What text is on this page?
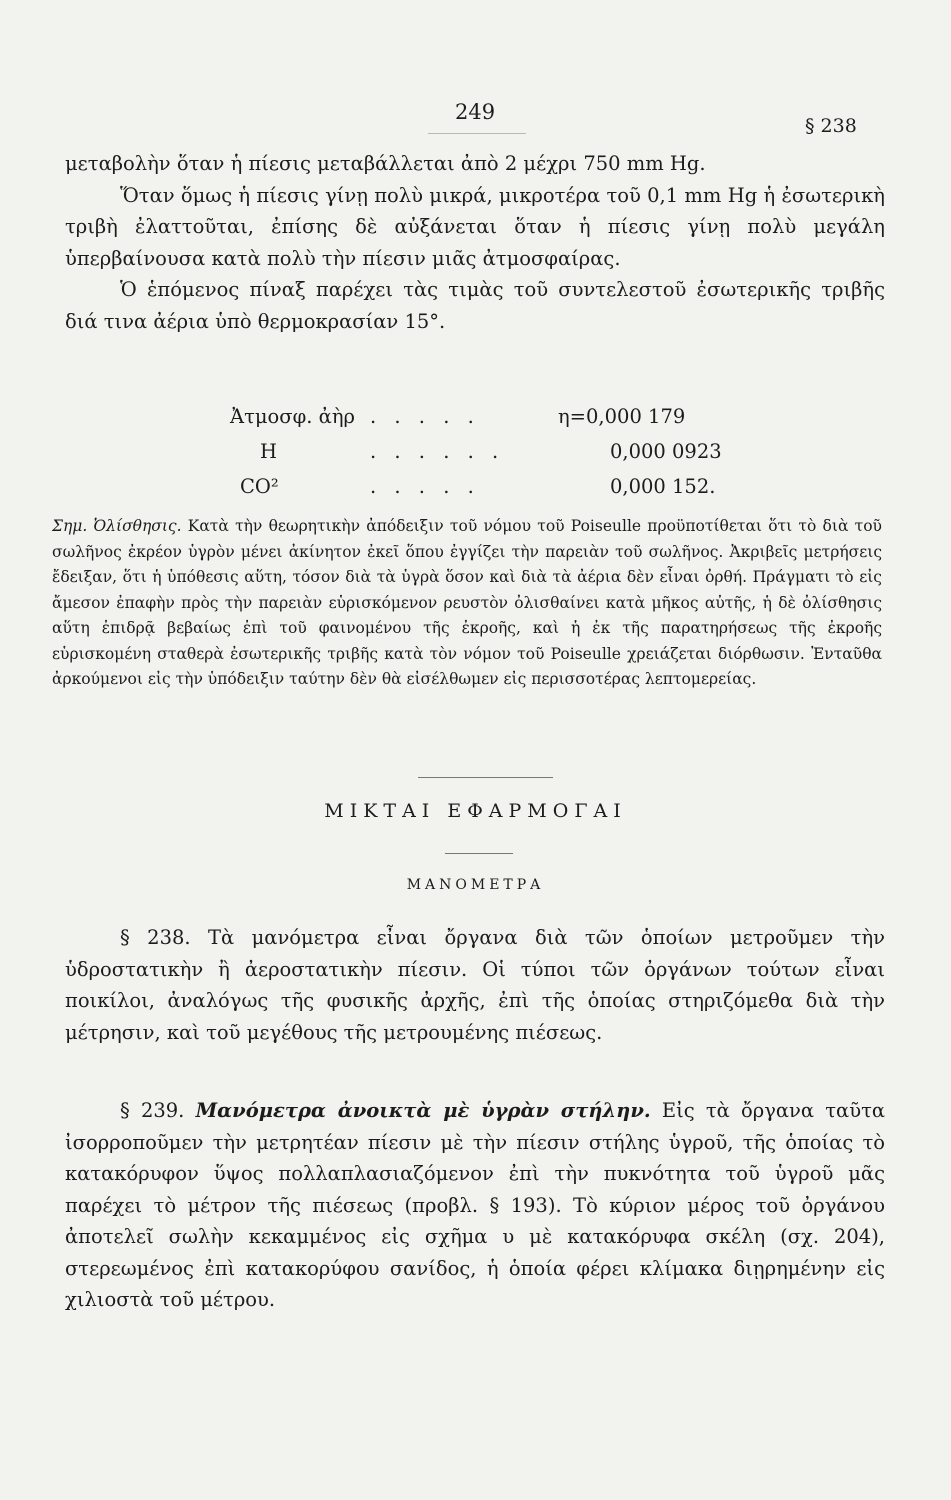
249
§ 238

μεταβολὴν ὅταν ἡ πίεσις μεταβάλλεται ἀπὸ 2 μέχρι 750 mm Hg.

Ὅταν ὅμως ἡ πίεσις γίνῃ πολὺ μικρά, μικροτέρα τοῦ 0,1 mm Hg ἡ ἐσωτερικὴ τριβὴ ἐλαττοῦται, ἐπίσης δὲ αὐξάνεται ὅταν ἡ πίεσις γίνῃ πολὺ μεγάλη ὑπερβαίνουσα κατὰ πολὺ τὴν πίεσιν μιᾶς ἀτμοσφαίρας.

Ὁ ἑπόμενος πίναξ παρέχει τὰς τιμὰς τοῦ συντελεστοῦ ἐσωτερικῆς τριβῆς διά τινα ἀέρια ὑπὸ θερμοκρασίαν 15°.

Ἀτμοσφ. ἀὴρ . . . . .	η=0,000 179
H	. . . . . .	0,000 0923
CO²	. . . . .	0,000 152.

Σημ. Ὀλίσθησις. Κατὰ τὴν θεωρητικὴν ἀπόδειξιν τοῦ νόμου τοῦ Poiseulle προϋποτίθεται ὅτι τὸ διὰ τοῦ σωλῆνος ἐκρέον ὑγρὸν μένει ἀκίνητον ἐκεῖ ὅπου ἐγγίζει τὴν παρειὰν τοῦ σωλῆνος. Ἀκριβεῖς μετρήσεις ἔδειξαν, ὅτι ἡ ὑπόθεσις αὕτη, τόσον διὰ τὰ ὑγρὰ ὅσον καὶ διὰ τὰ ἀέρια δὲν εἶναι ὀρθή. Πράγματι τὸ εἰς ἄμεσον ἐπαφὴν πρὸς τὴν παρειὰν εὑρισκόμενον ρευστὸν ὀλισθαίνει κατὰ μῆκος αὐτῆς, ἡ δὲ ὀλίσθησις αὕτη ἐπιδρᾷ βεβαίως ἐπὶ τοῦ φαινομένου τῆς ἐκροῆς, καὶ ἡ ἐκ τῆς παρατηρήσεως τῆς ἐκροῆς εὑρισκομένη σταθερὰ ἐσωτερικῆς τριβῆς κατὰ τὸν νόμον τοῦ Poiseulle χρειάζεται διόρθωσιν. Ἐνταῦθα ἀρκούμενοι εἰς τὴν ὑπόδειξιν ταύτην δὲν θὰ εἰσέλθωμεν εἰς περισσοτέρας λεπτομερείας.

ΜΙΚΤΑΙ ΕΦΑΡΜΟΓΑΙ
ΜΑΝΟΜΕΤΡΑ

§ 238. Τὰ μανόμετρα εἶναι ὄργανα διὰ τῶν ὁποίων μετροῦμεν τὴν ὑδροστατικὴν ἢ ἀεροστατικὴν πίεσιν. Οἱ τύποι τῶν ὀργάνων τούτων εἶναι ποικίλοι, ἀναλόγως τῆς φυσικῆς ἀρχῆς, ἐπὶ τῆς ὁποίας στηριζόμεθα διὰ τὴν μέτρησιν, καὶ τοῦ μεγέθους τῆς μετρουμένης πιέσεως.

§ 239. Μανόμετρα ἀνοικτὰ μὲ ὑγρὰν στήλην. Εἰς τὰ ὄργανα ταῦτα ἰσορροποῦμεν τὴν μετρητέαν πίεσιν μὲ τὴν πίεσιν στήλης ὑγροῦ, τῆς ὁποίας τὸ κατακόρυφον ὕψος πολλαπλασιαζόμενον ἐπὶ τὴν πυκνότητα τοῦ ὑγροῦ μᾶς παρέχει τὸ μέτρον τῆς πιέσεως (προβλ. § 193). Τὸ κύριον μέρος τοῦ ὀργάνου ἀποτελεῖ σωλὴν κεκαμμένος εἰς σχῆμα υ μὲ κατακόρυφα σκέλη (σχ. 204), στερεωμένος ἐπὶ κατακορύφου σανίδος, ἡ ὁποία φέρει κλίμακα διῃρημένην εἰς χιλιοστὰ τοῦ μέτρου.
